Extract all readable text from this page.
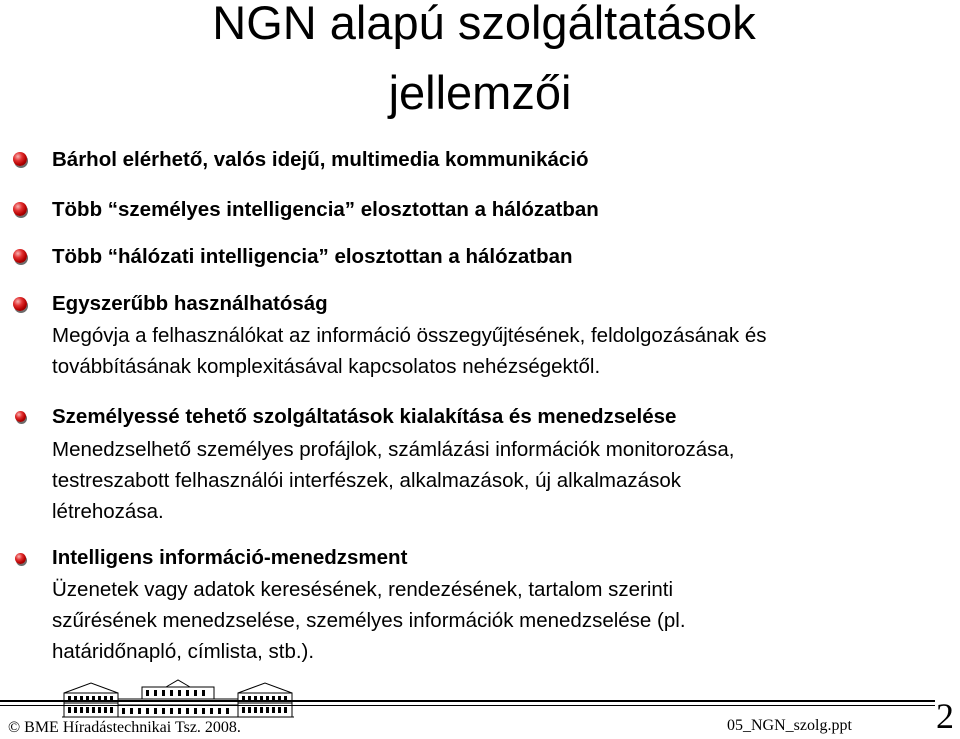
NGN alapú szolgáltatások
jellemzői
Bárhol elérhető, valós idejű, multimedia kommunikáció
Több “személyes intelligencia” elosztottan a hálózatban
Több “hálózati intelligencia” elosztottan a hálózatban
Egyszerűbb használhatóság
Megóvja a felhasználókat az információ összegyűjtésének, feldolgozásának és
továbbításának komplexitásával kapcsolatos nehézségektől.
Személyessé tehető szolgáltatások kialakítása és menedzselése
Menedzselhető személyes profájlok, számlázási információk monitorozása,
testreszabott felhasználói interfészek, alkalmazások, új alkalmazások
létrehozása.
Intelligens információ-menedzsment
Üzenetek vagy adatok keresésének, rendezésének, tartalom szerinti
szűrésének menedzselése, személyes információk menedzselése (pl.
határidőnapló, címlista, stb.).
© BME Híradástechnikai Tsz. 2008.	05_NGN_szolg.ppt 2
